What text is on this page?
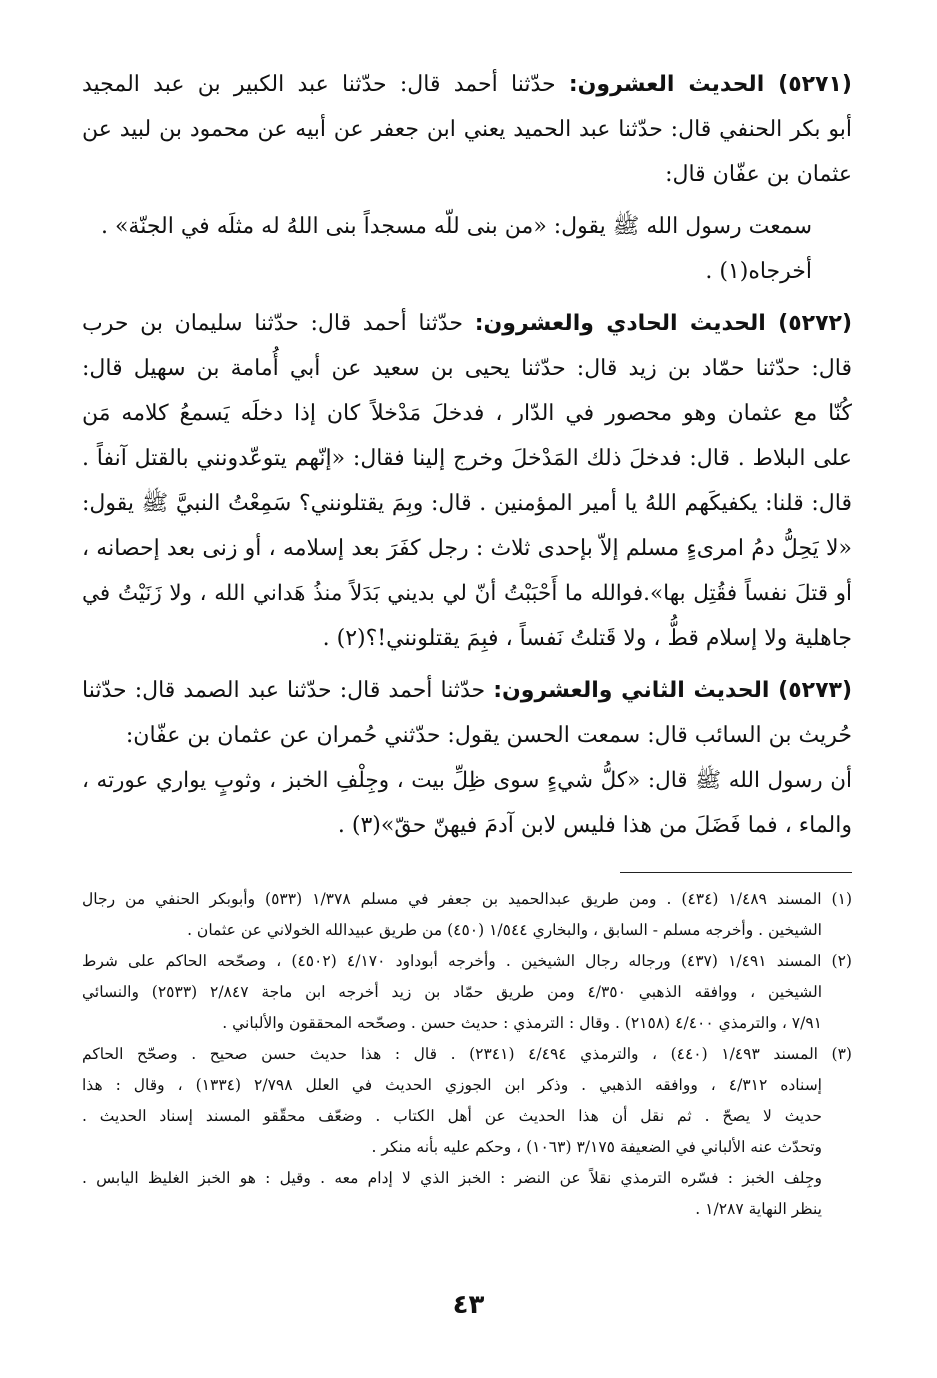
(٥٢٧١) الحديث العشرون: حدّثنا أحمد قال: حدّثنا عبد الكبير بن عبد المجيد
أبو بكر الحنفي قال: حدّثنا عبد الحميد يعني ابن جعفر عن أبيه عن محمود بن لبيد عن
عثمان بن عفّان قال:
سمعت رسول الله ﷺ يقول: «من بنى للّه مسجداً بنى اللهُ له مثلَه في الجنّة» .
أخرجاه(١) .
(٥٢٧٢) الحديث الحادي والعشرون: حدّثنا أحمد قال: حدّثنا سليمان بن حرب
قال: حدّثنا حمّاد بن زيد قال: حدّثنا يحيى بن سعيد عن أبي أُمامة بن سهيل قال:
كُنّا مع عثمان وهو محصور في الدّار ، فدخلَ مَدْخلاً كان إذا دخلَه يَسمعُ كلامه مَن
على البلاط . قال: فدخلَ ذلك المَدْخلَ وخرج إلينا فقال: «إنّهم يتوعّدونني بالقتل آنفاً .
قال: قلنا: يكفيكَهم اللهُ يا أمير المؤمنين . قال: وبِمَ يقتلونني؟ سَمِعْتُ النبيَّ ﷺ يقول:
«لا يَحِلُّ دمُ امرىءٍ مسلم إلاّ بإحدى ثلاث : رجل كفَرَ بعد إسلامه ، أو زنى بعد إحصانه ،
أو قتلَ نفساً فقُتِل بها».فوالله ما أَحْبَبْتُ أنّ لي بديني بَدَلاً منذُ هَداني الله ، ولا زَنَيْتُ في
جاهلية ولا إسلام قطُّ ، ولا قَتلتُ نَفساً ، فبِمَ يقتلونني!؟(٢) .
(٥٢٧٣) الحديث الثاني والعشرون: حدّثنا أحمد قال: حدّثنا عبد الصمد قال: حدّثنا
حُريث بن السائب قال: سمعت الحسن يقول: حدّثني حُمران عن عثمان بن عفّان:
أن رسول الله ﷺ قال: «كلُّ شيءٍ سوى ظِلِّ بيت ، وجِلْفِ الخبز ، وثوبٍ يواري عورته ،
والماء ، فما فَضَلَ من هذا فليس لابن آدمَ فيهنّ حقّ»(٣) .
(١) المسند ١/٤٨٩ (٤٣٤) . ومن طريق عبدالحميد بن جعفر في مسلم ١/٣٧٨ (٥٣٣) وأبوبكر الحنفي من رجال
الشيخين . وأخرجه مسلم - السابق ، والبخاري ١/٥٤٤ (٤٥٠) من طريق عبيدالله الخولاني عن عثمان .
(٢) المسند ١/٤٩١ (٤٣٧) ورجاله رجال الشيخين . وأخرجه أبوداود ٤/١٧٠ (٤٥٠٢) ، وصحّحه الحاكم على شرط
الشيخين ، ووافقه الذهبي ٤/٣٥٠ ومن طريق حمّاد بن زيد أخرجه ابن ماجة ٢/٨٤٧ (٢٥٣٣) والنسائي
٧/٩١ ، والترمذي ٤/٤٠٠ (٢١٥٨) . وقال : الترمذي : حديث حسن . وصحّحه المحققون والألباني .
(٣) المسند ١/٤٩٣ (٤٤٠) ، والترمذي ٤/٤٩٤ (٢٣٤١) . قال : هذا حديث حسن صحيح . وصحّح الحاكم
إسناده ٤/٣١٢ ، ووافقه الذهبي . وذكر ابن الجوزي الحديث في العلل ٢/٧٩٨ (١٣٣٤) ، وقال : هذا
حديث لا يصحّ . ثم نقل أن هذا الحديث عن أهل الكتاب . وضعّف محقّقو المسند إسناد الحديث .
وتحدّث عنه الألباني في الضعيفة ٣/١٧٥ (١٠٦٣) ، وحكم عليه بأنه منكر .
وجِلف الخبز : فسّره الترمذي نقلاً عن النضر : الخبز الذي لا إدام معه . وقيل : هو الخبز الغليظ اليابس .
ينظر النهاية ١/٢٨٧ .
٤٣
